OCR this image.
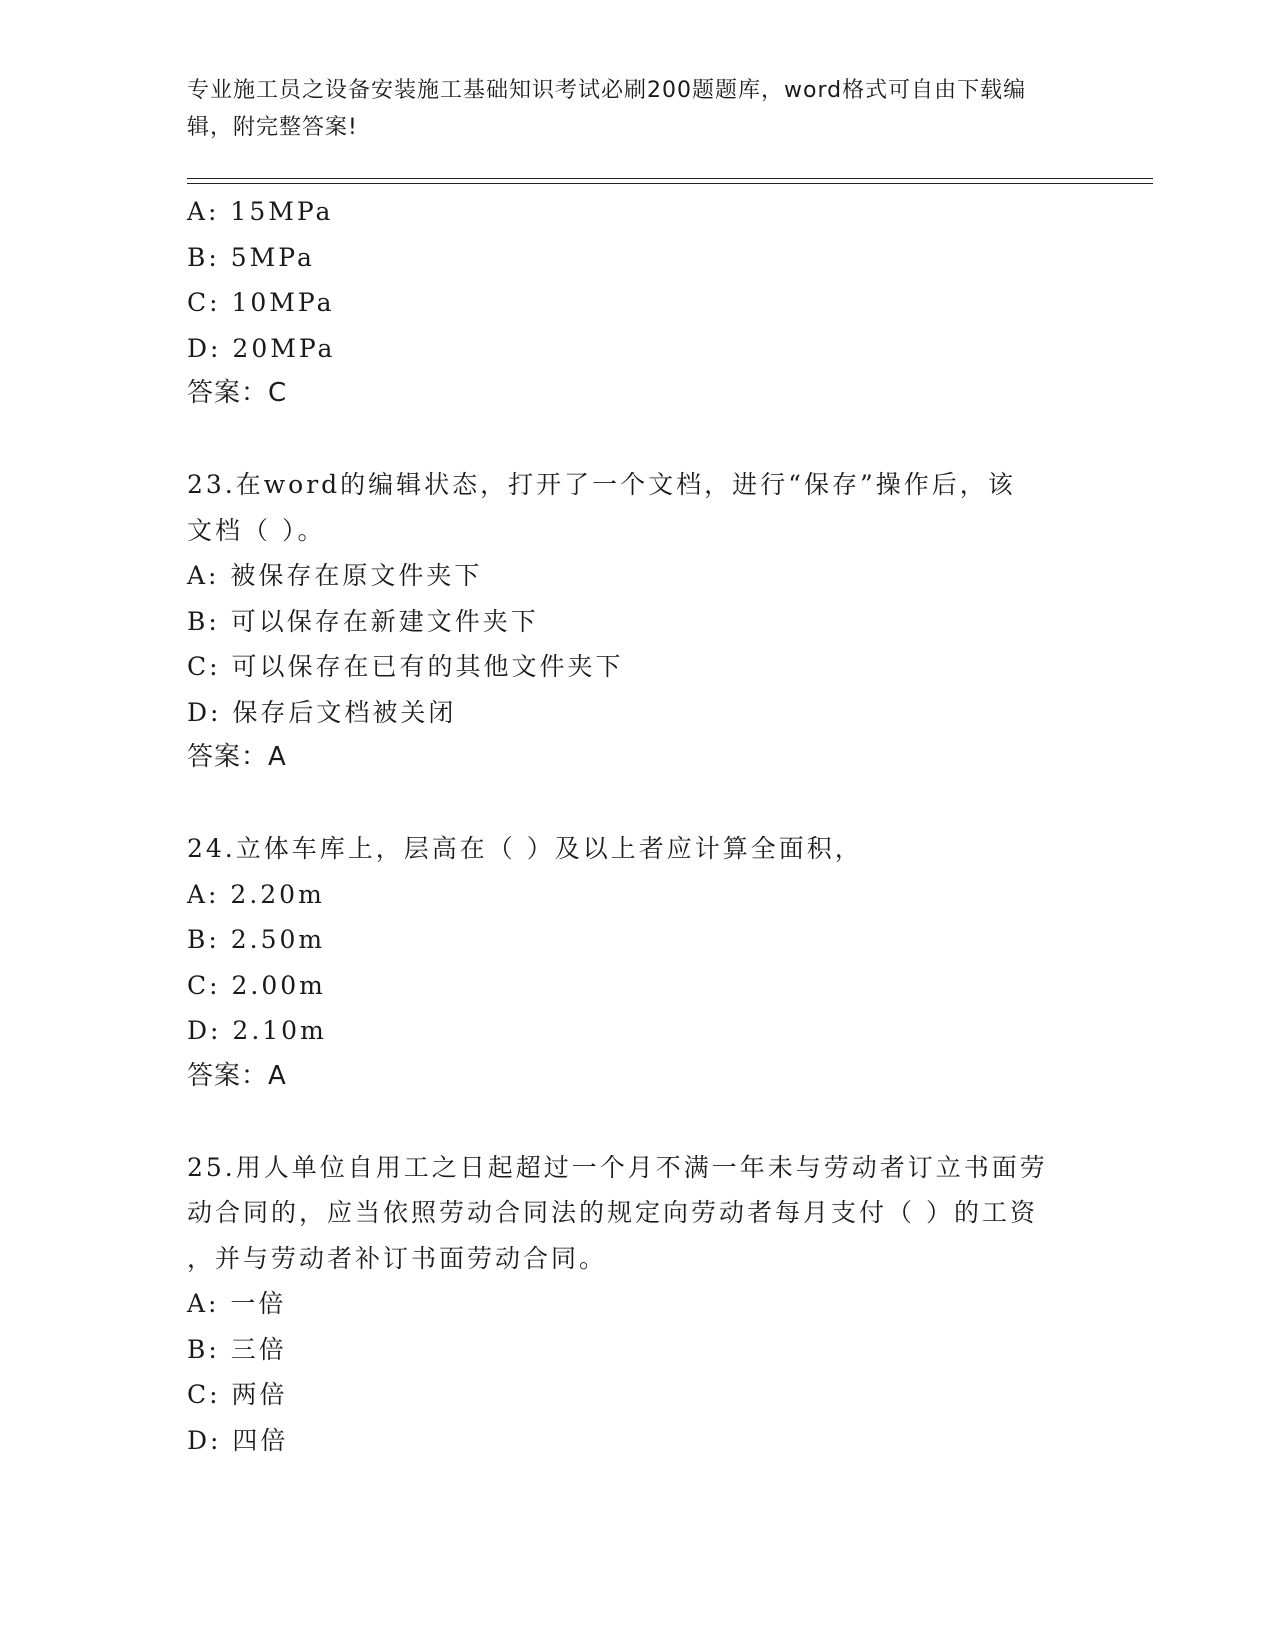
专业施工员之设备安装施工基础知识考试必刷200题题库，word格式可自由下载编辑，附完整答案!
A: 15MPa
B: 5MPa
C: 10MPa
D: 20MPa
答案：C
23.在word的编辑状态，打开了一个文档，进行“保存”操作后，该
文档（ ）。
A: 被保存在原文件夹下
B: 可以保存在新建文件夹下
C: 可以保存在已有的其他文件夹下
D: 保存后文档被关闭
答案：A
24.立体车库上，层高在（ ）及以上者应计算全面积，
A: 2.20m
B: 2.50m
C: 2.00m
D: 2.10m
答案：A
25.用人单位自用工之日起超过一个月不满一年未与劳动者订立书面劳
动合同的，应当依照劳动合同法的规定向劳动者每月支付（ ）的工资
，并与劳动者补订书面劳动合同。
A: 一倍
B: 三倍
C: 两倍
D: 四倍
